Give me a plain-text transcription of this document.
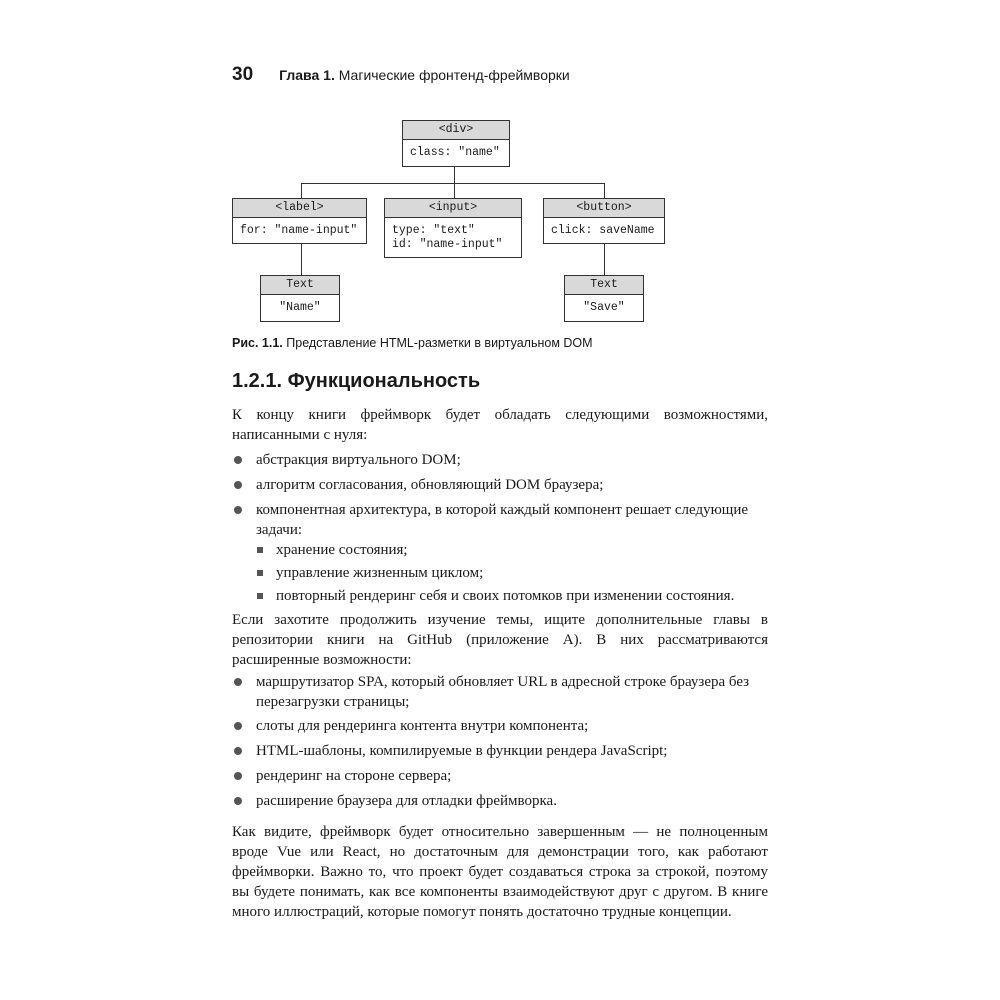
30 Глава 1. Магические фронтенд-фреймворки
<div>
class: "name"
<label>
for: "name-input"
<input>
type: "text"
id: "name-input"
<button>
click: saveName
Text
"Name"
Text
"Save"
Рис. 1.1. Представление HTML-разметки в виртуальном DOM
1.2.1. Функциональность
К концу книги фреймворк будет обладать следующими возможностями, написанными с нуля:
абстракция виртуального DOM;
алгоритм согласования, обновляющий DOM браузера;
компонентная архитектура, в которой каждый компонент решает следующие задачи:
хранение состояния;
управление жизненным циклом;
повторный рендеринг себя и своих потомков при изменении состояния.
Если захотите продолжить изучение темы, ищите дополнительные главы в репозитории книги на GitHub (приложение A). В них рассматриваются расширенные возможности:
маршрутизатор SPA, который обновляет URL в адресной строке браузера без перезагрузки страницы;
слоты для рендеринга контента внутри компонента;
HTML-шаблоны, компилируемые в функции рендера JavaScript;
рендеринг на стороне сервера;
расширение браузера для отладки фреймворка.
Как видите, фреймворк будет относительно завершенным — не полноценным вроде Vue или React, но достаточным для демонстрации того, как работают фреймворки. Важно то, что проект будет создаваться строка за строкой, поэтому вы будете понимать, как все компоненты взаимодействуют друг с другом. В книге много иллюстраций, которые помогут понять достаточно трудные концепции.
